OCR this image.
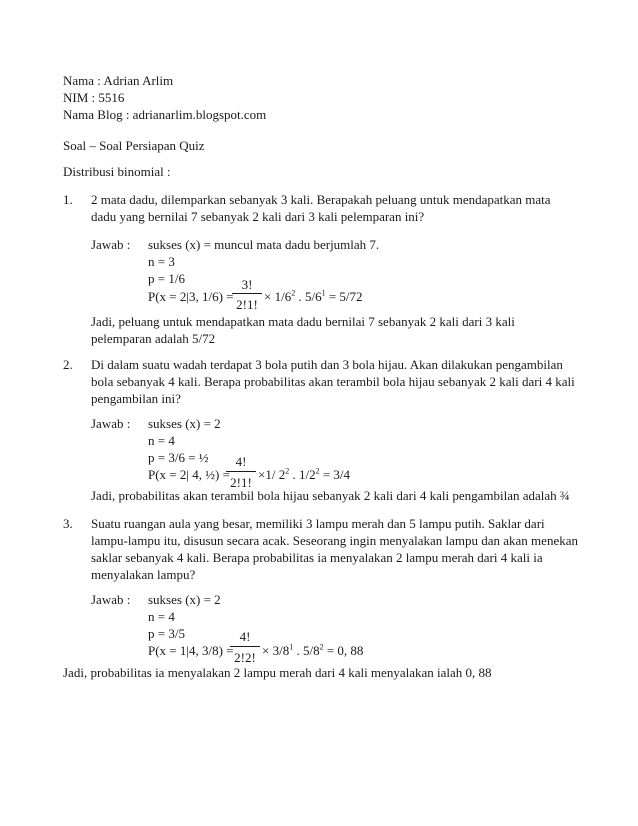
Nama : Adrian Arlim
NIM : 5516
Nama Blog : adrianarlim.blogspot.com
Soal – Soal Persiapan Quiz
Distribusi binomial :
1. 2 mata dadu, dilemparkan sebanyak 3 kali. Berapakah peluang untuk mendapatkan mata
dadu yang bernilai 7 sebanyak 2 kali dari 3 kali pelemparan ini?
Jawab : sukses (x) = muncul mata dadu berjumlah 7.
n = 3
p = 1/6
P(x = 2|3, 1/6) =
3!
2!1!
× $1/6^2$ . $5/6^1 = 5/72$
Jadi, peluang untuk mendapatkan mata dadu bernilai 7 sebanyak 2 kali dari 3 kali
pelemparan adalah 5/72
2. Di dalam suatu wadah terdapat 3 bola putih dan 3 bola hijau. Akan dilakukan pengambilan
bola sebanyak 4 kali. Berapa probabilitas akan terambil bola hijau sebanyak 2 kali dari 4 kali
pengambilan ini?
Jawab : sukses (x) = 2
n = 4
p = 3/6 = ½
P(x = 2| 4, ½) =
4!
2!1!
×1/ $2^2$ . $1/2^2 = 3/4$
Jadi, probabilitas akan terambil bola hijau sebanyak 2 kali dari 4 kali pengambilan adalah ¾
3. Suatu ruangan aula yang besar, memiliki 3 lampu merah dan 5 lampu putih. Saklar dari
lampu-lampu itu, disusun secara acak. Seseorang ingin menyalakan lampu dan akan menekan
saklar sebanyak 4 kali. Berapa probabilitas ia menyalakan 2 lampu merah dari 4 kali ia
menyalakan lampu?
Jawab : sukses (x) = 2
n = 4
p = 3/5
P(x = 1|4, 3/8) =
4!
2!2! × $3/8^1$ . $5/8^2 = 0$, 88
Jadi, probabilitas ia menyalakan 2 lampu merah dari 4 kali menyalakan ialah 0, 88
